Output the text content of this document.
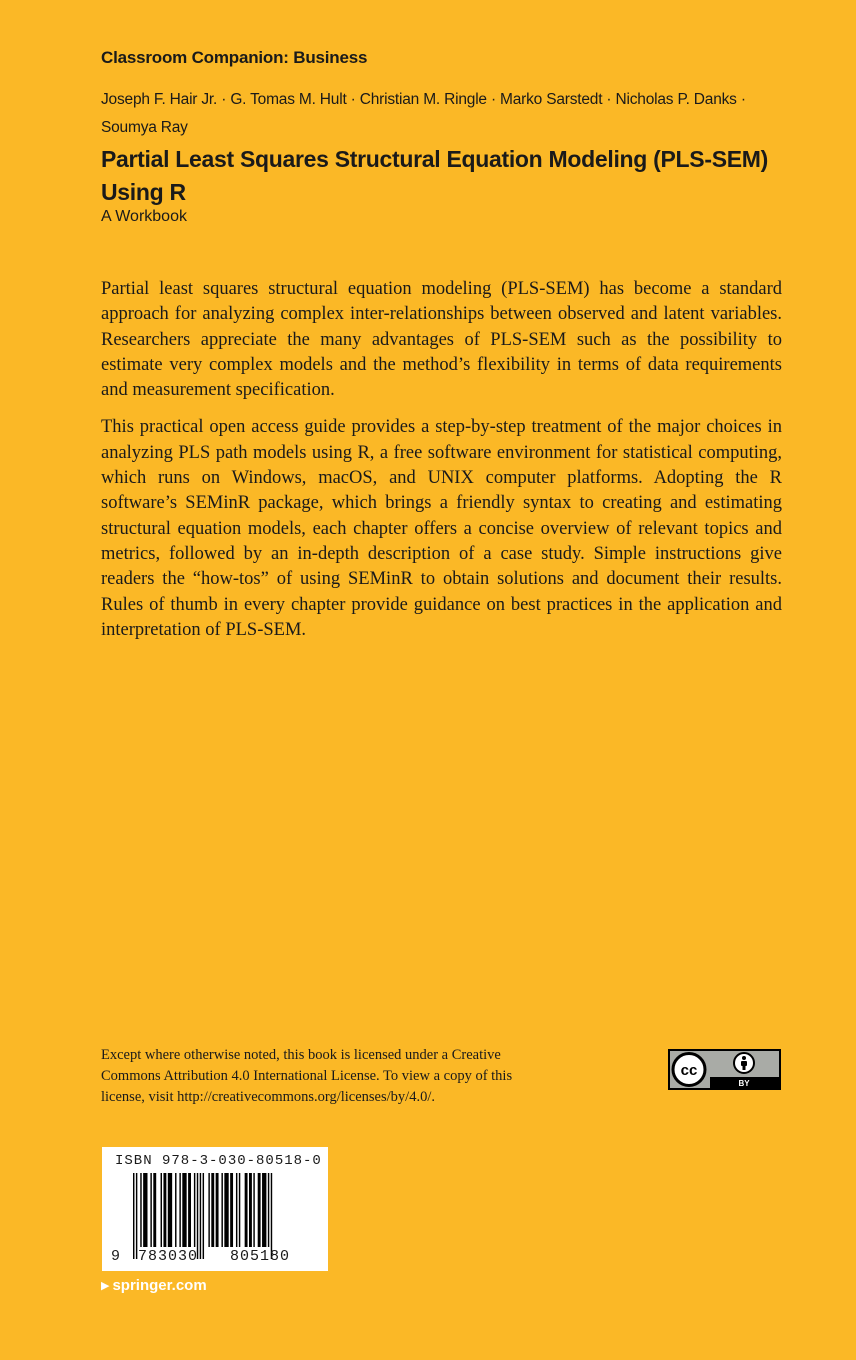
Classroom Companion: Business
Joseph F. Hair Jr. · G. Tomas M. Hult · Christian M. Ringle · Marko Sarstedt · Nicholas P. Danks ·
Soumya Ray
Partial Least Squares Structural Equation Modeling (PLS-SEM)
Using R
A Workbook

Partial least squares structural equation modeling (PLS-SEM) has become a standard approach for analyzing complex inter-relationships between observed and latent variables. Researchers appreciate the many advantages of PLS-SEM such as the possibility to estimate very complex models and the method’s flexibility in terms of data requirements and measurement specification.

This practical open access guide provides a step-by-step treatment of the major choices in analyzing PLS path models using R, a free software environment for statistical computing, which runs on Windows, macOS, and UNIX computer platforms. Adopting the R software’s SEMinR package, which brings a friendly syntax to creating and estimating structural equation models, each chapter offers a concise overview of relevant topics and metrics, followed by an in-depth description of a case study. Simple instructions give readers the “how-tos” of using SEMinR to obtain solutions and document their results. Rules of thumb in every chapter provide guidance on best practices in the application and interpretation of PLS-SEM.

Except where otherwise noted, this book is licensed under a Creative
Commons Attribution 4.0 International License. To view a copy of this
license, visit http://creativecommons.org/licenses/by/4.0/.
cc
BY
ISBN 978-3-030-80518-0
9 783030 805180
▶ springer.com
